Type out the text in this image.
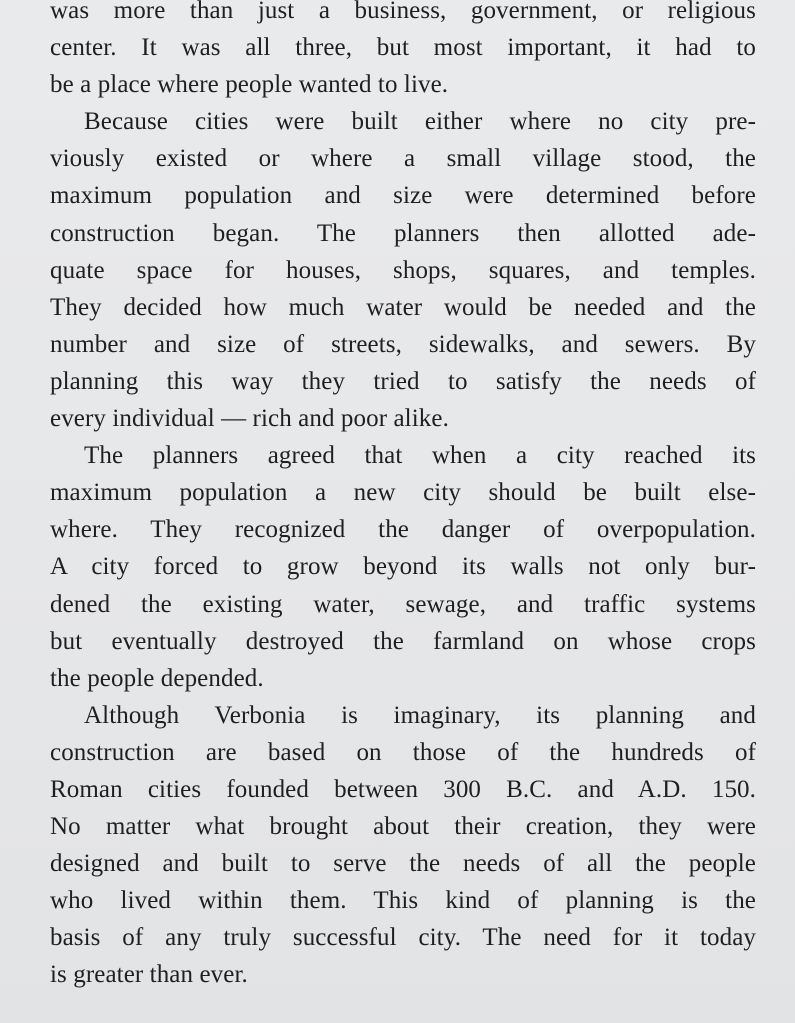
was more than just a business, government, or religious
center. It was all three, but most important, it had to
be a place where people wanted to live.

Because cities were built either where no city pre-
viously existed or where a small village stood, the
maximum population and size were determined before
construction began. The planners then allotted ade-
quate space for houses, shops, squares, and temples.
They decided how much water would be needed and the
number and size of streets, sidewalks, and sewers. By
planning this way they tried to satisfy the needs of
every individual — rich and poor alike.

The planners agreed that when a city reached its
maximum population a new city should be built else-
where. They recognized the danger of overpopulation.
A city forced to grow beyond its walls not only bur-
dened the existing water, sewage, and traffic systems
but eventually destroyed the farmland on whose crops
the people depended.

Although Verbonia is imaginary, its planning and
construction are based on those of the hundreds of
Roman cities founded between 300 B.C. and A.D. 150.
No matter what brought about their creation, they were
designed and built to serve the needs of all the people
who lived within them. This kind of planning is the
basis of any truly successful city. The need for it today
is greater than ever.
